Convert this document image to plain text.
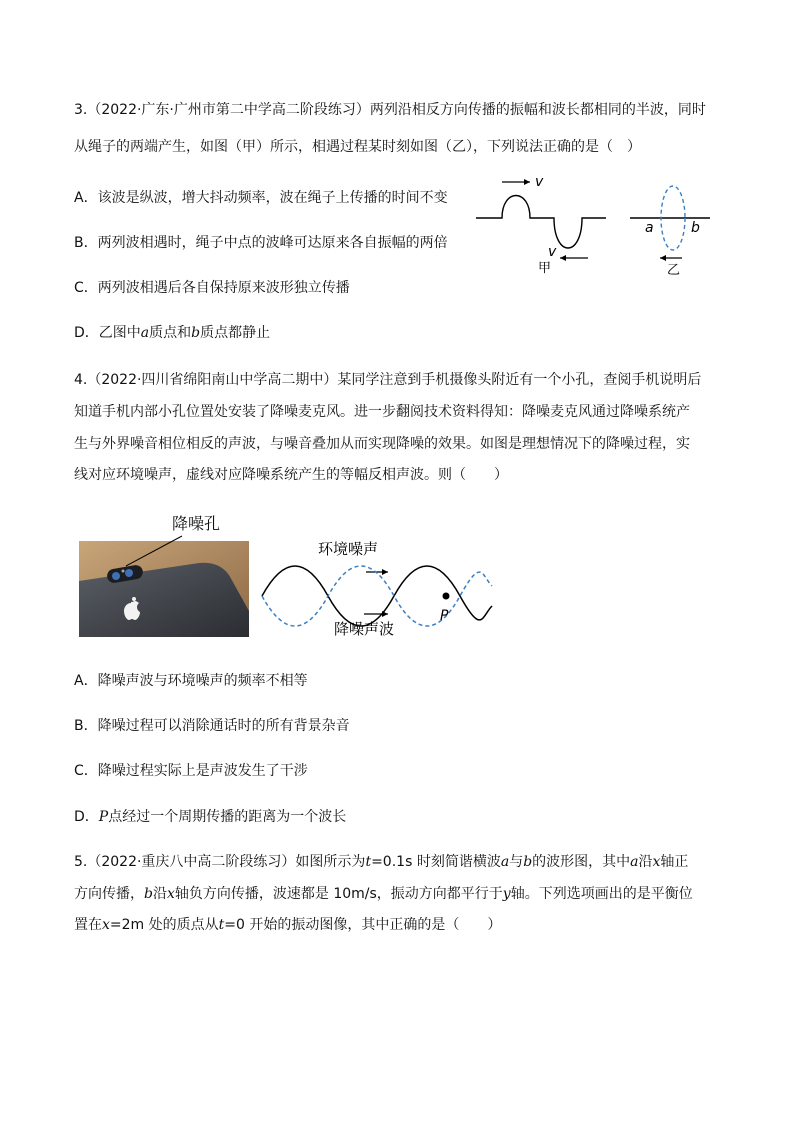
3.（2022·广东·广州市第二中学高二阶段练习）两列沿相反方向传播的振幅和波长都相同的半波，同时
从绳子的两端产生，如图（甲）所示，相遇过程某时刻如图（乙），下列说法正确的是（　）
A．该波是纵波，增大抖动频率，波在绳子上传播的时间不变
B．两列波相遇时，绳子中点的波峰可达原来各自振幅的两倍
C．两列波相遇后各自保持原来波形独立传播
D．乙图中a质点和b质点都静止
v
v
甲
a	b
乙
4.（2022·四川省绵阳南山中学高二期中）某同学注意到手机摄像头附近有一个小孔，查阅手机说明后
知道手机内部小孔位置处安装了降噪麦克风。进一步翻阅技术资料得知：降噪麦克风通过降噪系统产
生与外界噪音相位相反的声波，与噪音叠加从而实现降噪的效果。如图是理想情况下的降噪过程，实
线对应环境噪声，虚线对应降噪系统产生的等幅反相声波。则（　　）
降噪孔
环境噪声
P
降噪声波
A．降噪声波与环境噪声的频率不相等
B．降噪过程可以消除通话时的所有背景杂音
C．降噪过程实际上是声波发生了干涉
D．P点经过一个周期传播的距离为一个波长
5.（2022·重庆八中高二阶段练习）如图所示为t=0.1s 时刻简谐横波a与b的波形图，其中a沿x轴正
方向传播，b沿x轴负方向传播，波速都是 10m/s，振动方向都平行于y轴。下列选项画出的是平衡位
置在x=2m 处的质点从t=0 开始的振动图像，其中正确的是（　　）
